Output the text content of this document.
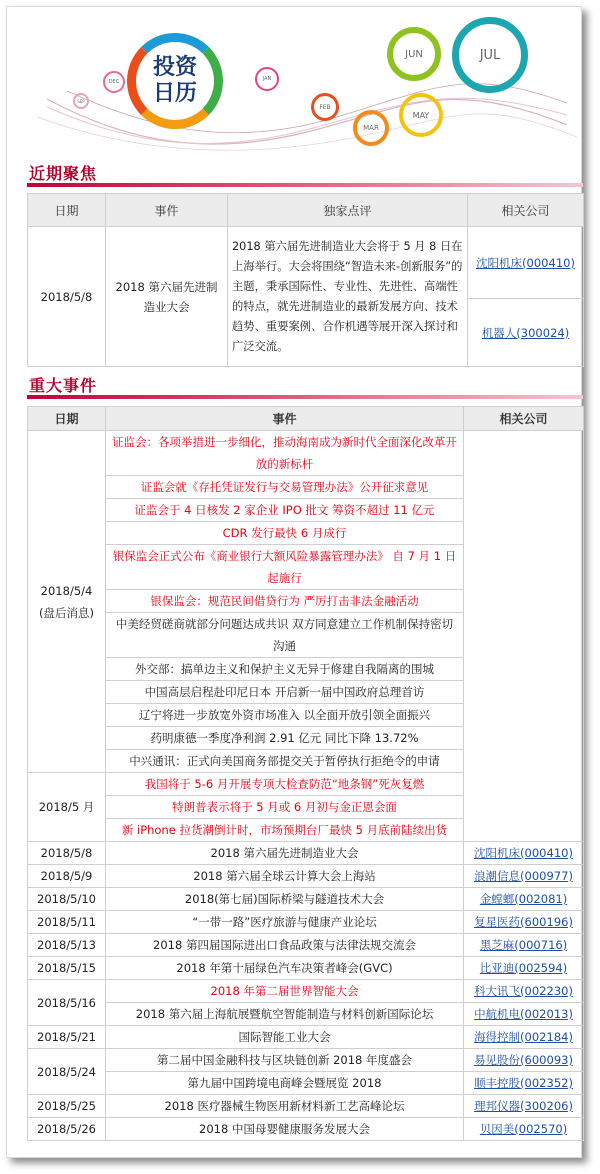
投资
日历
SEP
DEC	JAN
FEB
MAR
MAY
JUN	JUL
近期聚焦
日期	事件	独家点评	相关公司
2018/5/8	2018 第六届先进制造业大会	2018 第六届先进制造业大会将于 5 月 8 日在上海举行。大会将围绕“智造未来-创新服务”的主题，秉承国际性、专业性、先进性、高端性的特点，就先进制造业的最新发展方向、技术趋势、重要案例、合作机遇等展开深入探讨和广泛交流。	沈阳机床(000410)
			机器人(300024)
重大事件
日期	事件	相关公司

2018/5/4
(盘后消息)	证监会：各项举措进一步细化，推动海南成为新时代全面深化改革开放的新标杆	
	证监会就《存托凭证发行与交易管理办法》公开征求意见	
	证监会于 4 日核发 2 家企业 IPO 批文 筹资不超过 11 亿元	
	CDR 发行最快 6 月成行	
	银保监会正式公布《商业银行大额风险暴露管理办法》 自 7 月 1 日起施行	
	银保监会：规范民间借贷行为 严厉打击非法金融活动	
	中美经贸磋商就部分问题达成共识 双方同意建立工作机制保持密切沟通	
	外交部：搞单边主义和保护主义无异于修建自我隔离的围城	
	中国高层启程赴印尼日本 开启新一届中国政府总理首访	
	辽宁将进一步放宽外资市场准入 以全面开放引领全面振兴	
	药明康德一季度净利润 2.91 亿元 同比下降 13.72%	
	中兴通讯：正式向美国商务部提交关于暂停执行拒绝令的申请	

2018/5 月	我国将于 5-6 月开展专项大检查防范“地条钢”死灰复燃	
	特朗普表示将于 5 月或 6 月初与金正恩会面	
	新 iPhone 拉货潮倒计时，市场预期台厂最快 5 月底前陆续出货	
2018/5/8	2018 第六届先进制造业大会	沈阳机床(000410)
2018/5/9	2018 第六届全球云计算大会上海站	浪潮信息(000977)
2018/5/10	2018(第七届)国际桥梁与隧道技术大会	金螳螂(002081)
2018/5/11	“一带一路”医疗旅游与健康产业论坛	复星医药(600196)
2018/5/13	2018 第四届国际进出口食品政策与法律法规交流会	黑芝麻(000716)
2018/5/15	2018 年第十届绿色汽车决策者峰会(GVC)	比亚迪(002594)
2018/5/16	2018 年第二届世界智能大会	科大讯飞(002230)
	2018 第六届上海航展暨航空智能制造与材料创新国际论坛	中航机电(002013)
2018/5/21	国际智能工业大会	海得控制(002184)
2018/5/24	第二届中国金融科技与区块链创新 2018 年度盛会	易见股份(600093)
	第九届中国跨境电商峰会暨展览 2018	顺丰控股(002352)
2018/5/25	2018 医疗器械生物医用新材料新工艺高峰论坛	理邦仪器(300206)
2018/5/26	2018 中国母婴健康服务发展大会	贝因美(002570)
